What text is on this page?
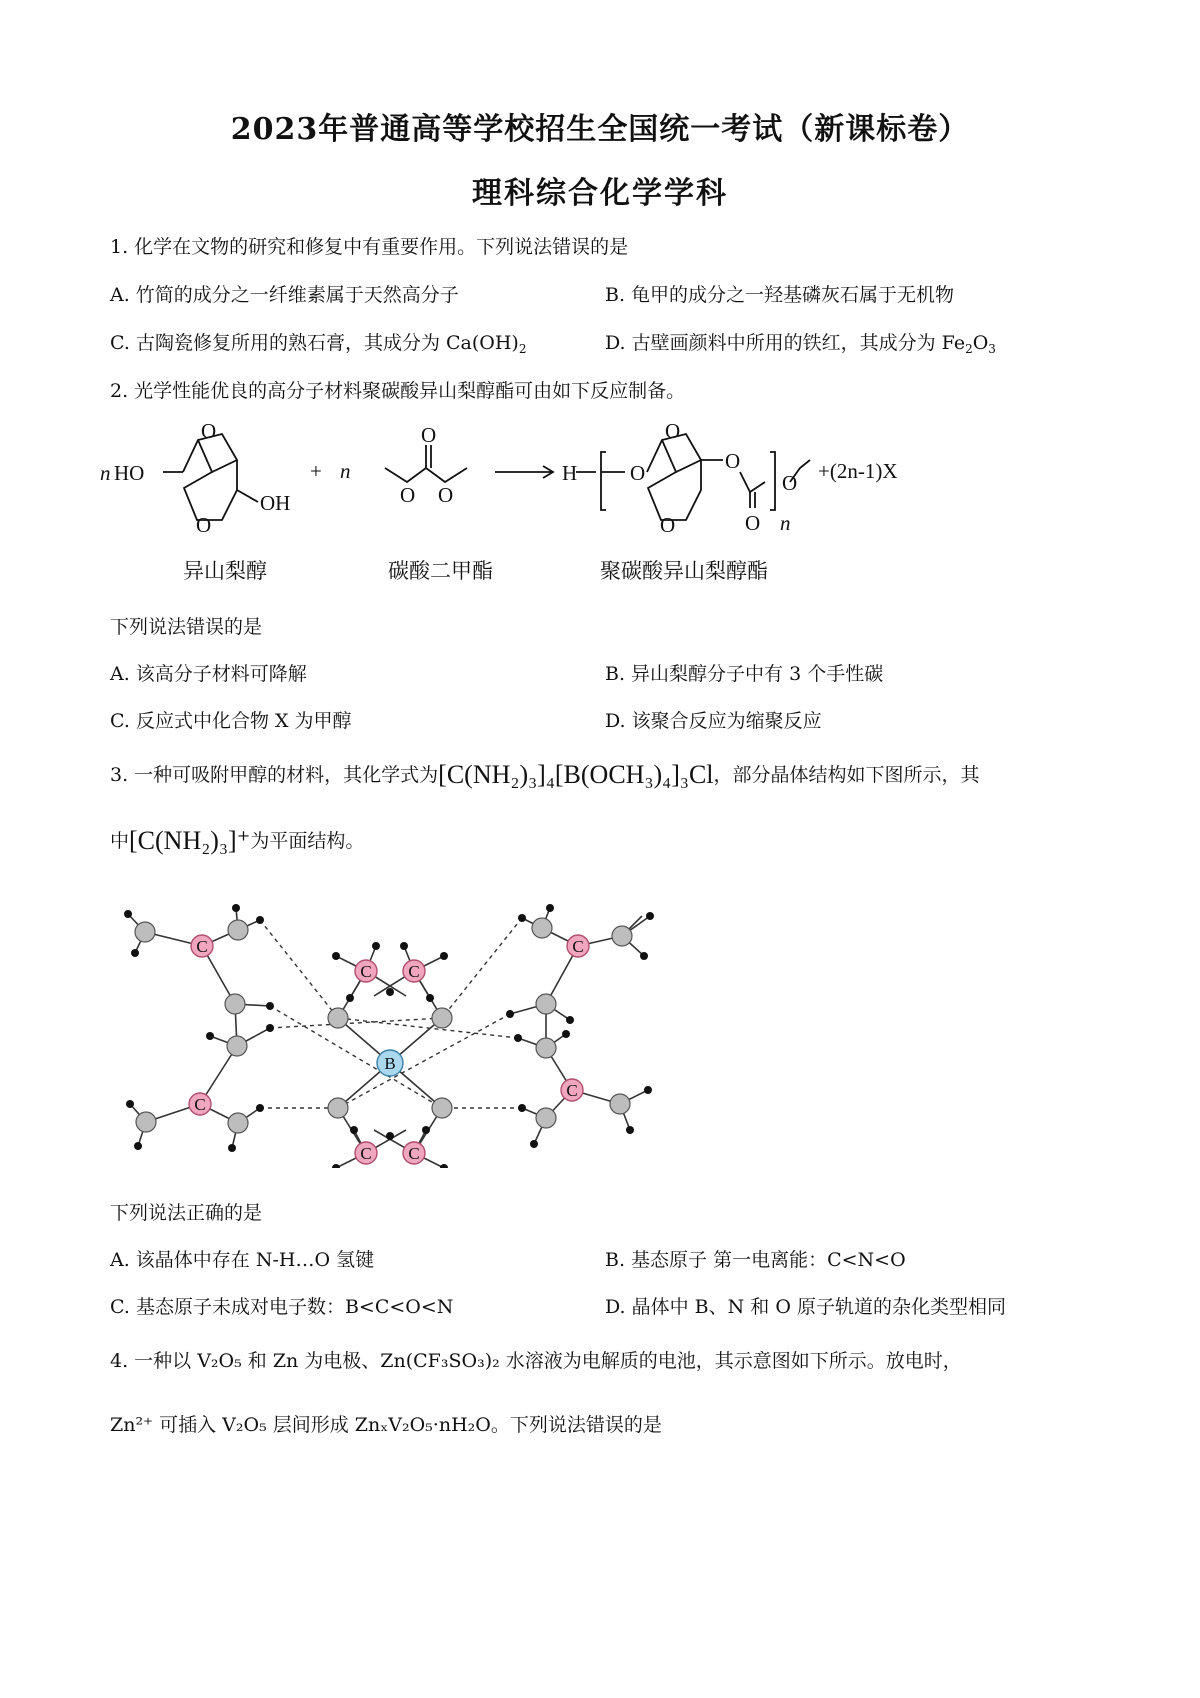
2023年普通高等学校招生全国统一考试（新课标卷）
理科综合化学学科
1. 化学在文物的研究和修复中有重要作用。下列说法错误的是
A. 竹简的成分之一纤维素属于天然高分子	B. 龟甲的成分之一羟基磷灰石属于无机物
C. 古陶瓷修复所用的熟石膏，其成分为 $Ca(OH)_2$	D. 古壁画颜料中所用的铁红，其成分为 $Fe_2O_3$
2. 光学性能优良的高分子材料聚碳酸异山梨醇酯可由如下反应制备。
n HO
OH
O
O
+ n
O
O O
H	O
O
O
O
O n
O +(2n-1)X
异山梨醇	碳酸二甲酯	聚碳酸异山梨醇酯
下列说法错误的是
A. 该高分子材料可降解	B. 异山梨醇分子中有 3 个手性碳
C. 反应式中化合物 X 为甲醇	D. 该聚合反应为缩聚反应
3. 一种可吸附甲醇的材料，其化学式为[C(NH₂)₃]₄[B(OCH₃)₄]₃Cl，部分晶体结构如下图所示，其
中[C(NH₂)₃]⁺为平面结构。
C
C
C C
C C
C
C
B
下列说法正确的是
A. 该晶体中存在 N-H…O 氢键	B. 基态原子 第一电离能：C<N<O
C. 基态原子未成对电子数：B<C<O<N	D. 晶体中 B、N 和 O 原子轨道的杂化类型相同
4. 一种以 V₂O₅ 和 Zn 为电极、Zn(CF₃SO₃)₂ 水溶液为电解质的电池，其示意图如下所示。放电时，
Zn²⁺ 可插入 V₂O₅ 层间形成 ZnₓV₂O₅·nH₂O。下列说法错误的是
